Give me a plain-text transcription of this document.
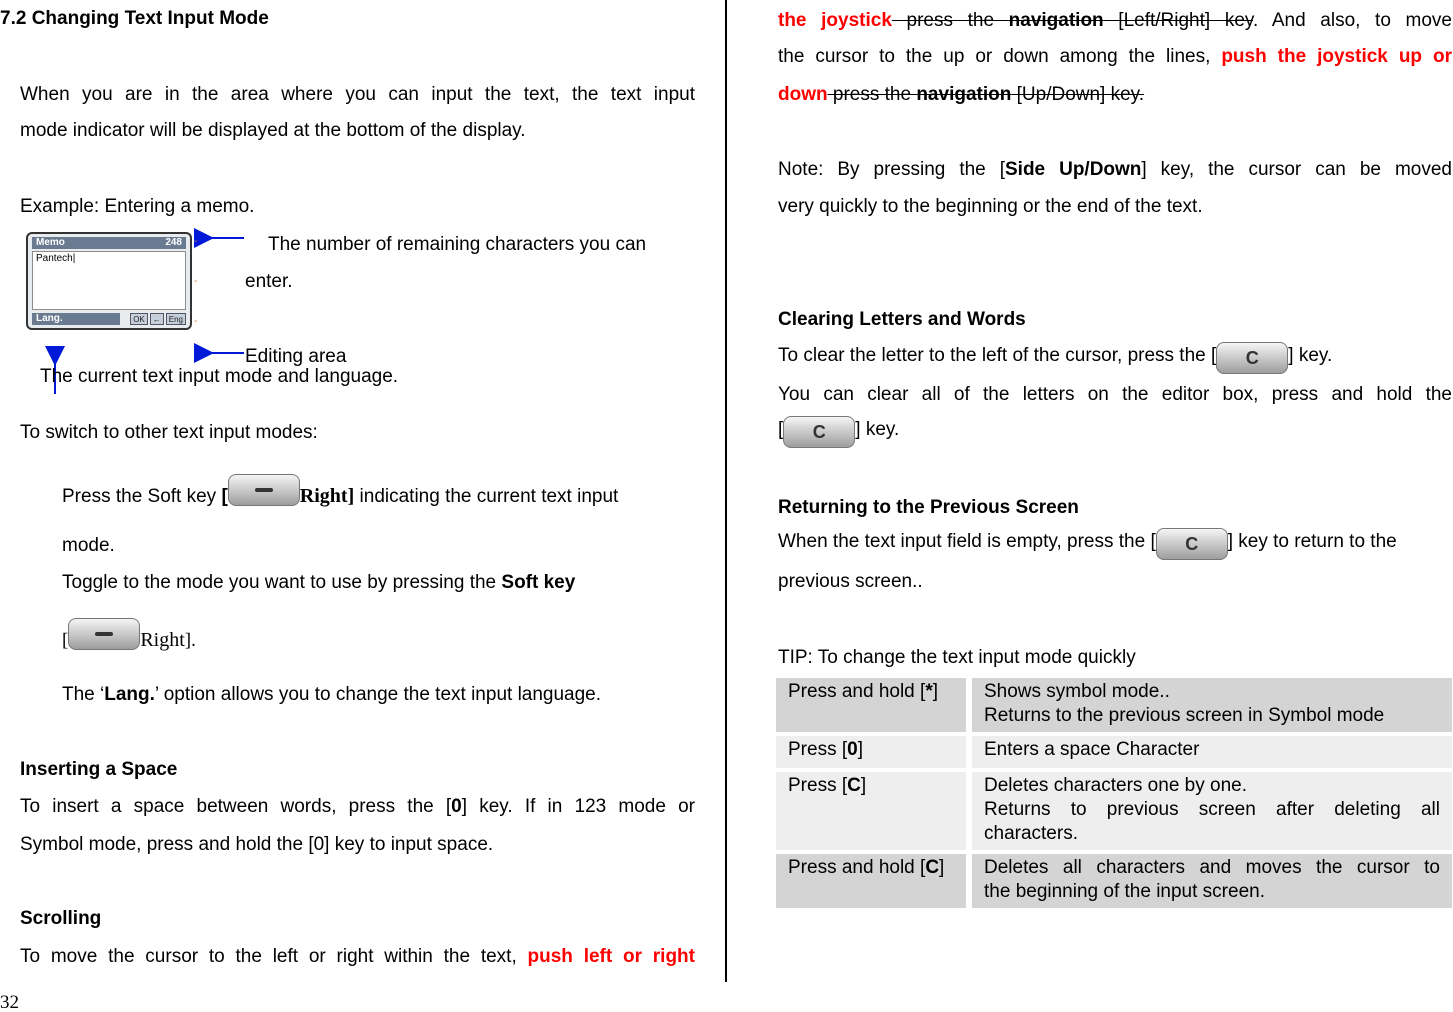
7.2 Changing Text Input Mode
When you are in the area where you can input the text, the text input
mode indicator will be displayed at the bottom of the display.
Example: Entering a memo.
Memo	248
Pantech|
Lang.	OK	←	Eng
-
-
-
The number of remaining characters you can
enter.
Editing area
The current text input mode and language.
To switch to other text input modes:
Press the Soft key [	Right] indicating the current text input
mode.
Toggle to the mode you want to use by pressing the Soft key
[	Right].
The ‘Lang.’ option allows you to change the text input language.
Inserting a Space
To insert a space between words, press the [0] key. If in 123 mode or
Symbol mode, press and hold the [0] key to input space.
Scrolling
To move the cursor to the left or right within the text, push left or right
32
the joystick press the navigation [Left/Right] key. And also, to move
the cursor to the up or down among the lines, push the joystick up or
down press the navigation [Up/Down] key.
Note: By pressing the [Side Up/Down] key, the cursor can be moved
very quickly to the beginning or the end of the text.
Clearing Letters and Words
To clear the letter to the left of the cursor, press the [ C ] key.
You can clear all of the letters on the editor box, press and hold the
[ C ] key.
Returning to the Previous Screen
When the text input field is empty, press the [ C ] key to return to the
previous screen..
TIP: To change the text input mode quickly
Press and hold [*]	Shows symbol mode..
Returns to the previous screen in Symbol mode

Press [0]	Enters a space Character

Press [C]	Deletes characters one by one.
Returns to previous screen after deleting all
characters.

Press and hold [C]	Deletes all characters and moves the cursor to
the beginning of the input screen.
